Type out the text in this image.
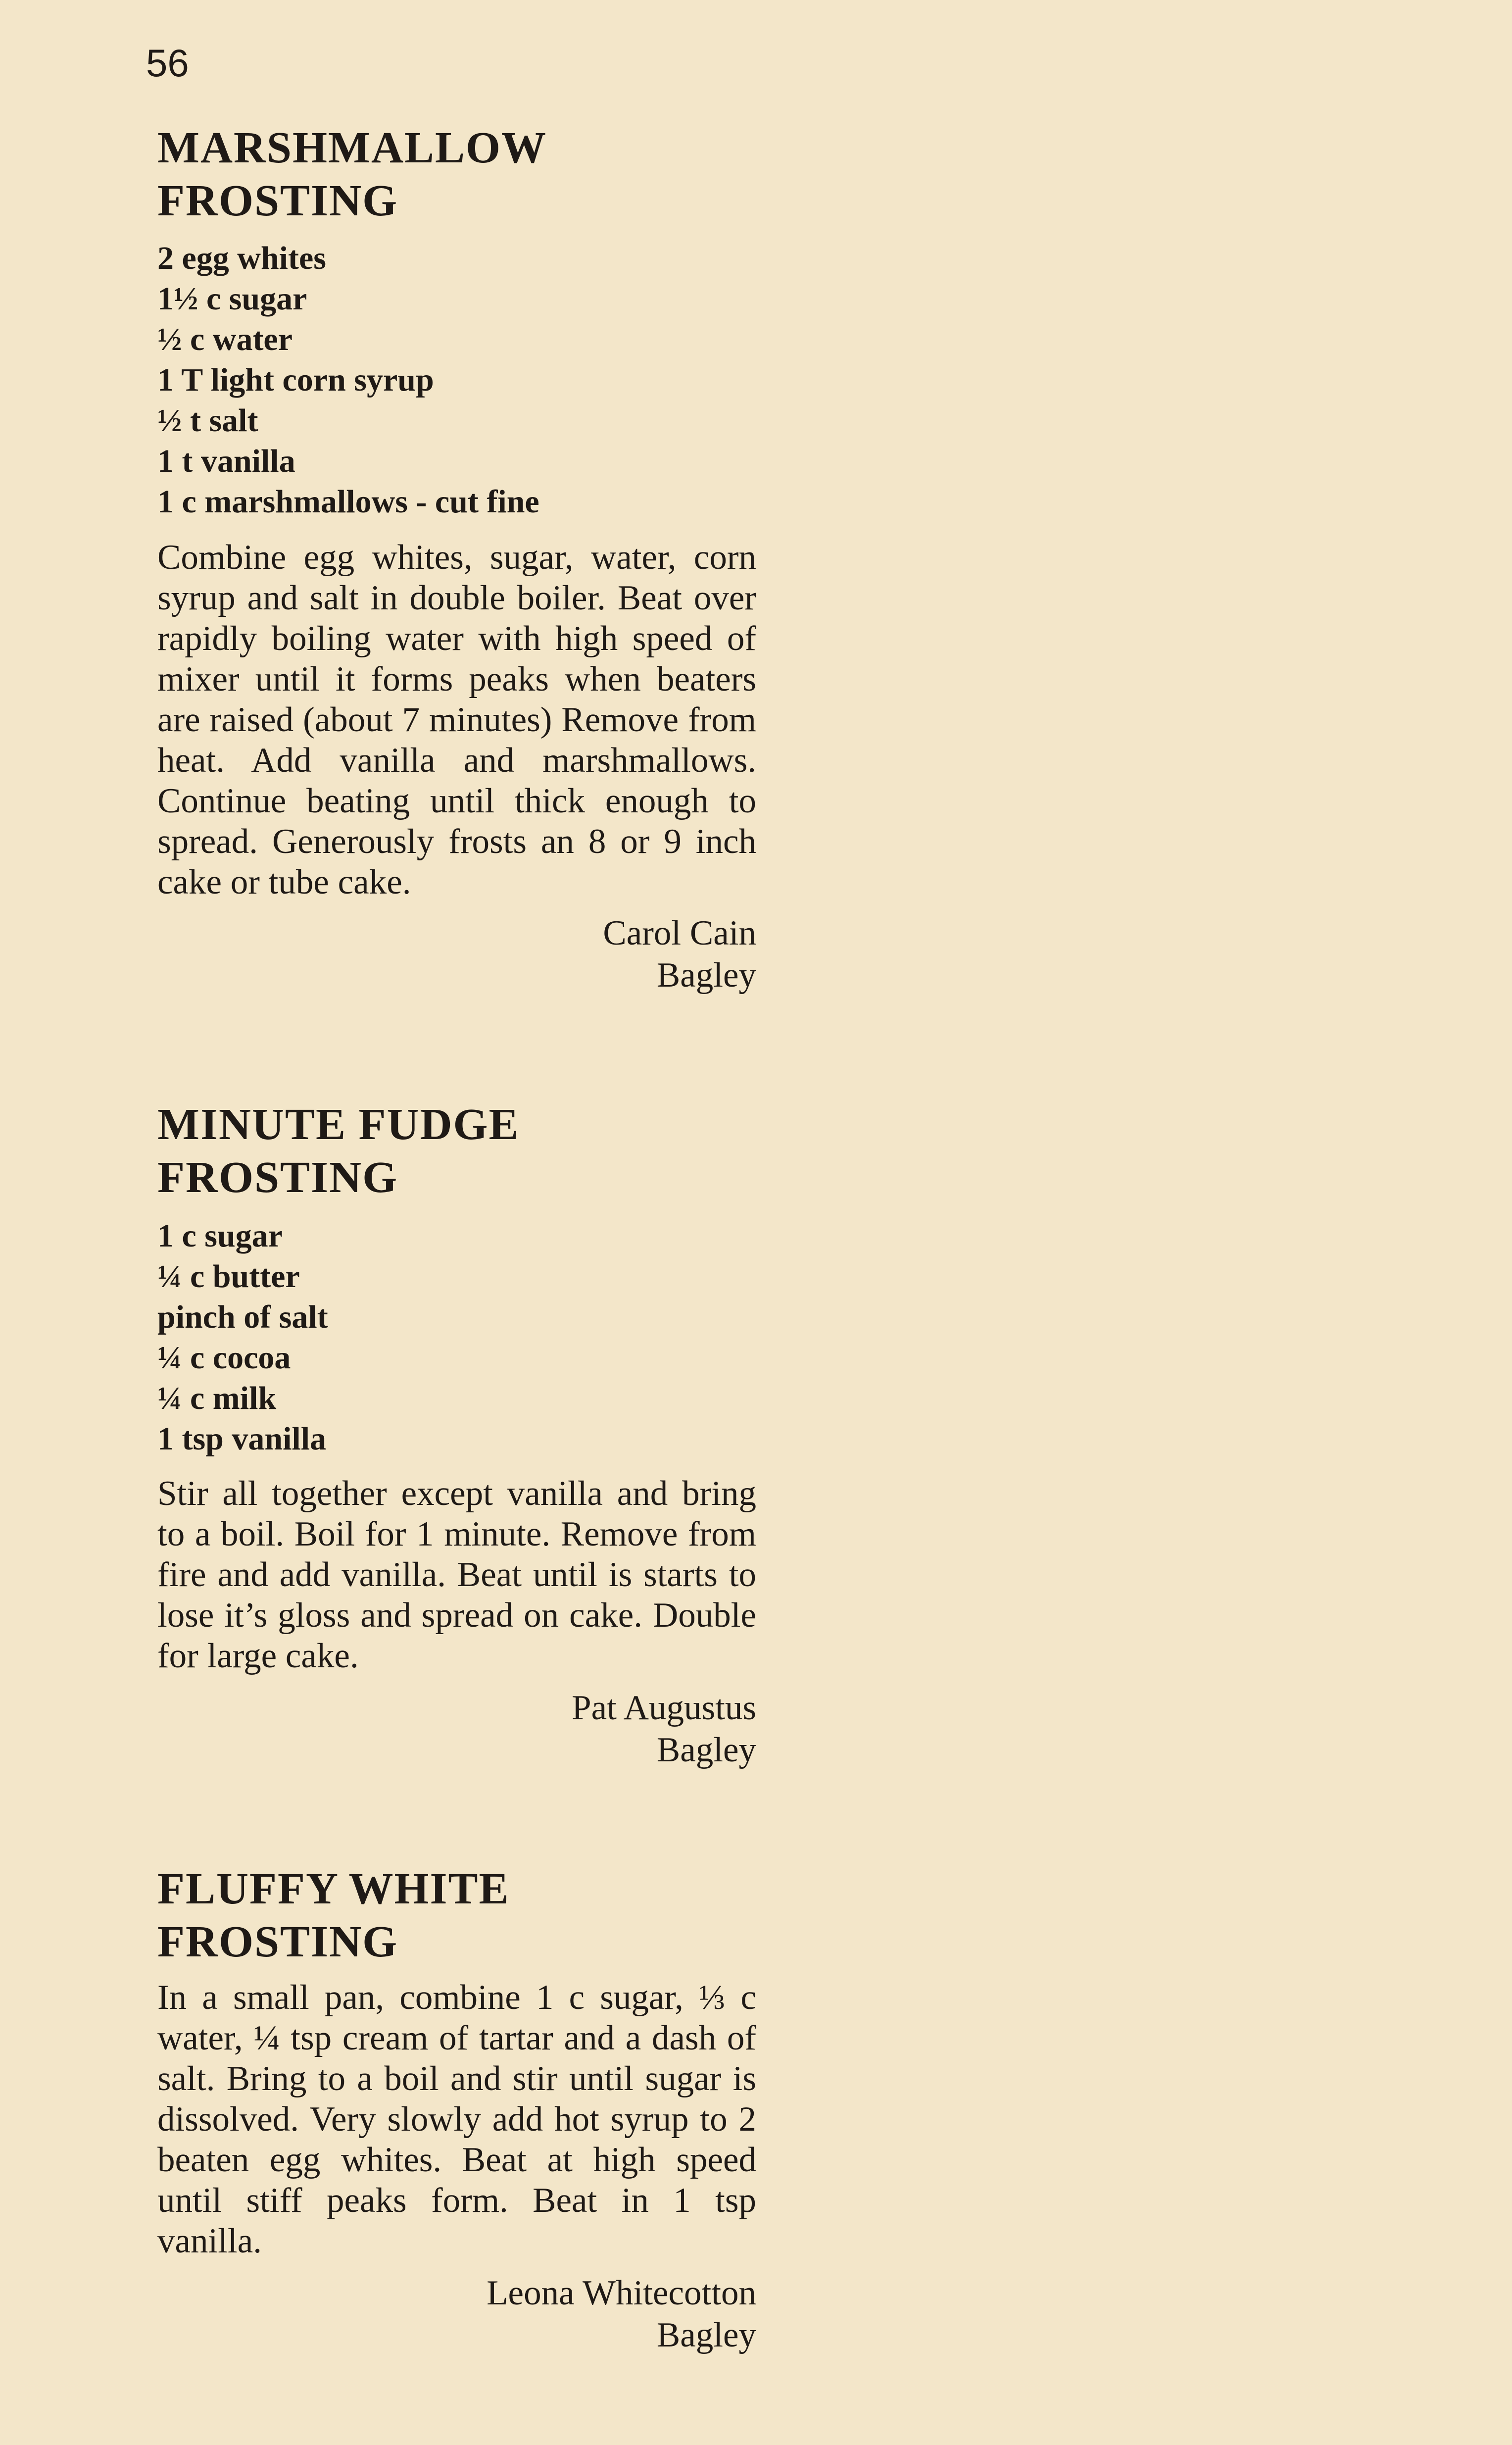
56
MARSHMALLOW
FROSTING
2 egg whites
1½ c sugar
½ c water
1 T light corn syrup
½ t salt
1 t vanilla
1 c marshmallows - cut fine

Combine egg whites, sugar, water, corn syrup and salt in double boiler. Beat over rapidly boiling water with high speed of mixer until it forms peaks when beaters are raised (about 7 minutes) Remove from heat. Add vanilla and marshmallows. Continue beating until thick enough to spread. Generously frosts an 8 or 9 inch cake or tube cake.

Carol Cain
Bagley
MINUTE FUDGE
FROSTING
1 c sugar
¼ c butter
pinch of salt
¼ c cocoa
¼ c milk
1 tsp vanilla

Stir all together except vanilla and bring to a boil. Boil for 1 minute. Remove from fire and add vanilla. Beat until is starts to lose it’s gloss and spread on cake. Double for large cake.

Pat Augustus
Bagley
FLUFFY WHITE
FROSTING

In a small pan, combine 1 c sugar, ⅓ c water, ¼ tsp cream of tartar and a dash of salt. Bring to a boil and stir until sugar is dissolved. Very slowly add hot syrup to 2 beaten egg whites. Beat at high speed until stiff peaks form. Beat in 1 tsp vanilla.

Leona Whitecotton
Bagley
